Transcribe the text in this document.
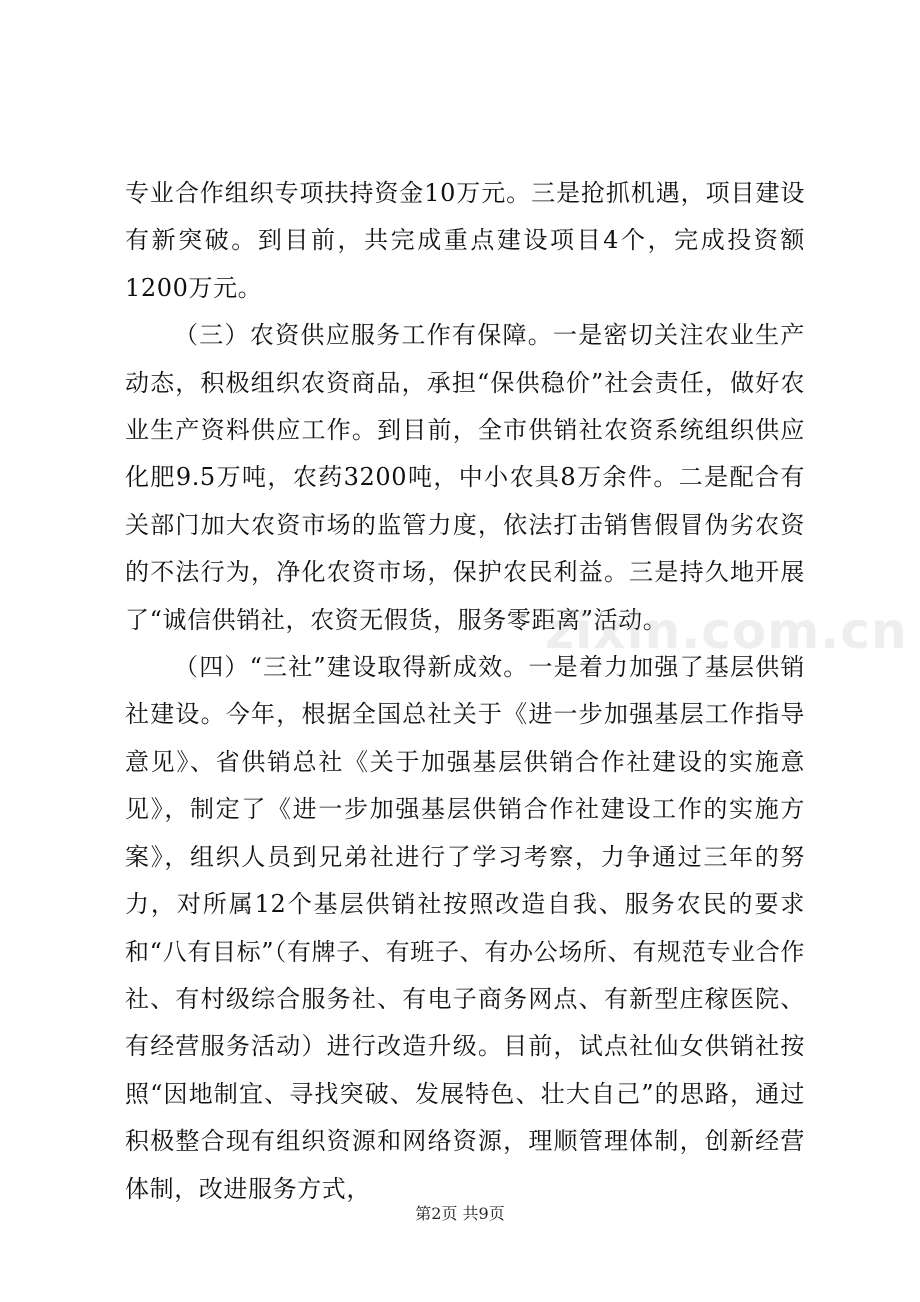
专业合作组织专项扶持资金10万元。三是抢抓机遇，项目建设有新突破。到目前，共完成重点建设项目4个，完成投资额1200万元。

（三）农资供应服务工作有保障。一是密切关注农业生产动态，积极组织农资商品，承担“保供稳价”社会责任，做好农业生产资料供应工作。到目前，全市供销社农资系统组织供应化肥9.5万吨，农药3200吨，中小农具8万余件。二是配合有关部门加大农资市场的监管力度，依法打击销售假冒伪劣农资的不法行为，净化农资市场，保护农民利益。三是持久地开展了“诚信供销社，农资无假货，服务零距离”活动。

（四）“三社”建设取得新成效。一是着力加强了基层供销社建设。今年，根据全国总社关于《进一步加强基层工作指导意见》、省供销总社《关于加强基层供销合作社建设的实施意见》，制定了《进一步加强基层供销合作社建设工作的实施方案》，组织人员到兄弟社进行了学习考察，力争通过三年的努力，对所属12个基层供销社按照改造自我、服务农民的要求和“八有目标”（有牌子、有班子、有办公场所、有规范专业合作社、有村级综合服务社、有电子商务网点、有新型庄稼医院、有经营服务活动）进行改造升级。目前，试点社仙女供销社按照“因地制宜、寻找突破、发展特色、壮大自己”的思路，通过积极整合现有组织资源和网络资源，理顺管理体制，创新经营体制，改进服务方式，

zixin.com.cn
第2页 共9页
